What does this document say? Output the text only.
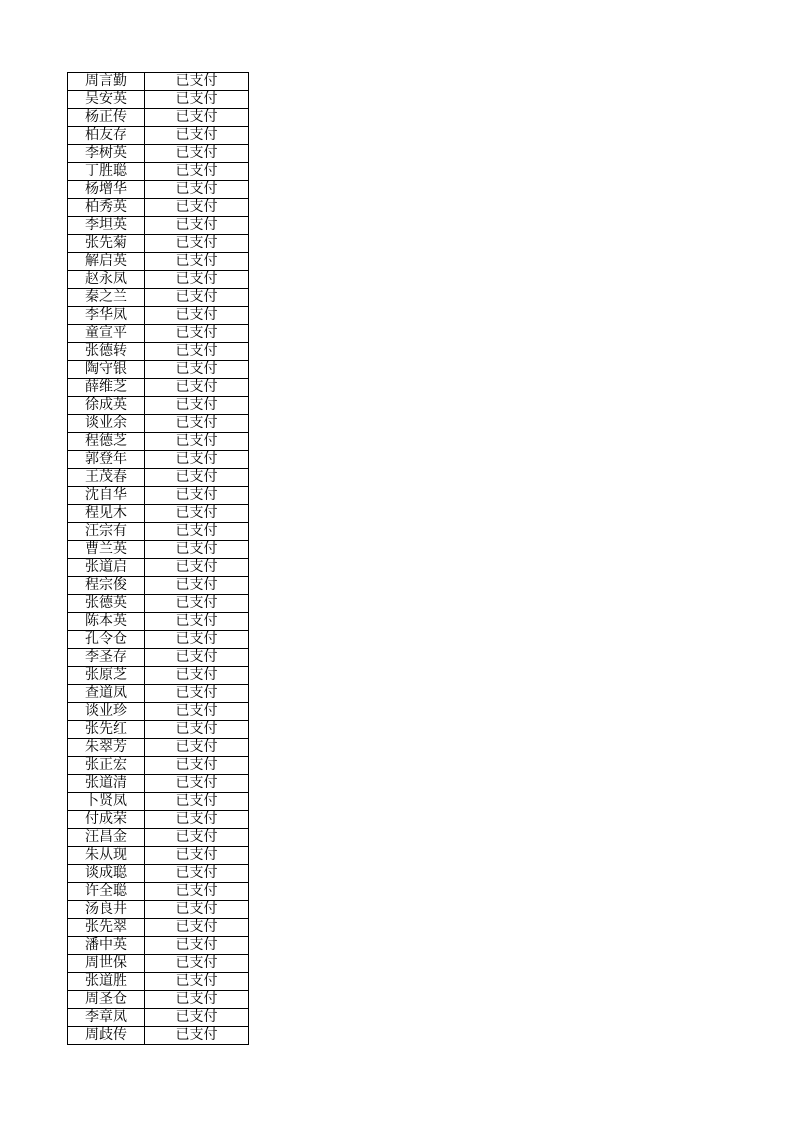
周言勤	已支付
吴安英	已支付
杨正传	已支付
柏友存	已支付
李树英	已支付
丁胜聪	已支付
杨增华	已支付
柏秀英	已支付
李坦英	已支付
张先菊	已支付
解启英	已支付
赵永凤	已支付
秦之兰	已支付
李华凤	已支付
童宣平	已支付
张德转	已支付
陶守银	已支付
薛维芝	已支付
徐成英	已支付
谈业余	已支付
程德芝	已支付
郭登年	已支付
王茂春	已支付
沈自华	已支付
程见木	已支付
汪宗有	已支付
曹兰英	已支付
张道启	已支付
程宗俊	已支付
张德英	已支付
陈本英	已支付
孔令仓	已支付
李圣存	已支付
张原芝	已支付
查道凤	已支付
谈业珍	已支付
张先红	已支付
朱翠芳	已支付
张正宏	已支付
张道清	已支付
卜贤凤	已支付
付成荣	已支付
汪昌金	已支付
朱从现	已支付
谈成聪	已支付
许全聪	已支付
汤良井	已支付
张先翠	已支付
潘中英	已支付
周世保	已支付
张道胜	已支付
周圣仓	已支付
李章凤	已支付
周歧传	已支付
